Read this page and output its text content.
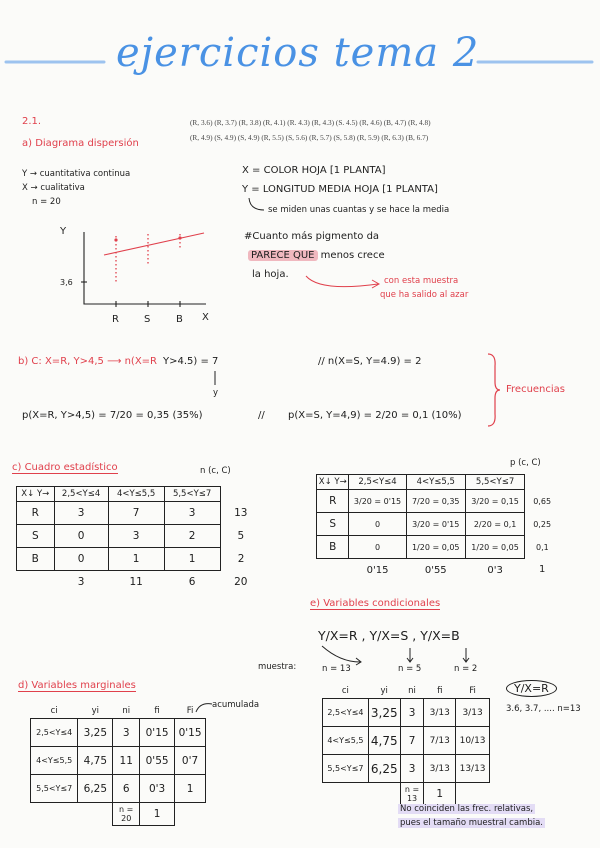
ejercicios tema 2
(R, 3.6) (R, 3.7) (R, 3.8) (R, 4.1) (R. 4.3) (R, 4.3) (S. 4.5) (R, 4.6) (B, 4.7) (R, 4.8)
(R, 4.9) (S, 4.9) (S, 4.9) (R, 5.5) (S, 5.6) (R, 5.7) (S, 5.8) (R, 5.9) (R, 6.3) (B, 6.7)
2.1.
a) Diagrama dispersión
Y → cuantitativa continua
X → cualitativa
n = 20
X = COLOR HOJA [1 PLANTA]
Y = LONGITUD MEDIA HOJA [1 PLANTA]
se miden unas cuantas y se hace la media
#Cuanto más pigmento da
PARECE QUE menos crece
la hoja.
con esta muestra
que ha salido al azar
Y
3,6
R	S	B X
b) C: X=R, Y>4,5 ⟶ n(X=R Y>4.5) = 7
y
// n(X=S, Y=4.9) = 2
p(X=R, Y>4,5) = 7/20 = 0,35 (35%)	// p(X=S, Y=4,9) = 2/20 = 0,1 (10%)
Frecuencias
c) Cuadro estadístico	n (c, C)
p (c, C)
X↓ Y→	2,5<Y≤4	4<Y≤5,5	5,5<Y≤7	
R	3	7	3	13
S	0	3	2	5
B	0	1	1	2
	3	11	6	20
X↓ Y→	2,5<Y≤4	4<Y≤5,5	5,5<Y≤7	
R	3/20 = 0'15	7/20 = 0,35	3/20 = 0,15	0,65
S	0	3/20 = 0'15	2/20 = 0,1	0,25
B	0	1/20 = 0,05	1/20 = 0,05	0,1
	0'15	0'55	0'3	1
e) Variables condicionales
Y/X=R , Y/X=S , Y/X=B
muestra:	n = 13	n = 5	n = 2
Y/X=R
3.6, 3.7, .... n=13
ci	yi	ni	fi	Fi
2,5<Y≤4	3,25	3	3/13	3/13
4<Y≤5,5	4,75	7	7/13	10/13
5,5<Y≤7	6,25	3	3/13	13/13
		n = 13	1	
No coinciden las frec. relativas,
pues el tamaño muestral cambia.
d) Variables marginales
acumulada
ci	yi	ni	fi	Fi
2,5<Y≤4	3,25	3	0'15	0'15
4<Y≤5,5	4,75	11	0'55	0'7
5,5<Y≤7	6,25	6	0'3	1
		n = 20	1	
